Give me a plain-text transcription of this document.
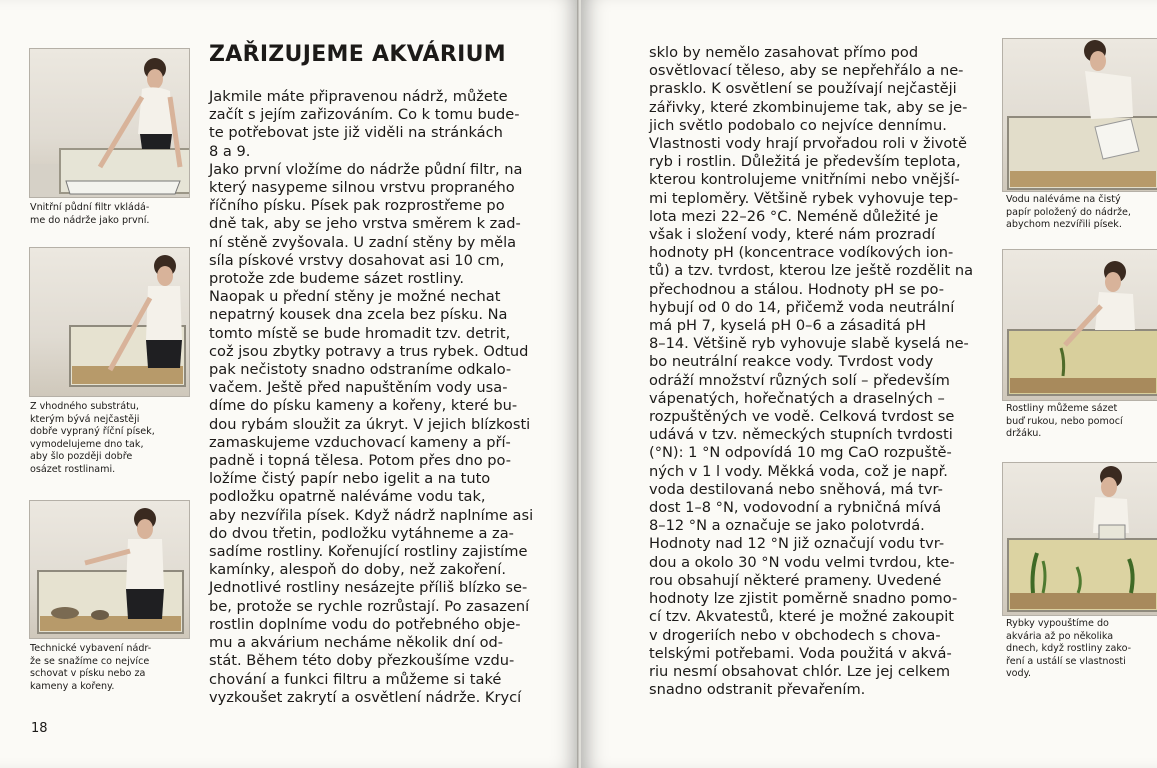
Vnitřní půdní filtr vkládá-
me do nádrže jako první.
Z vhodného substrátu,
kterým bývá nejčastěji
dobře vypraný říční písek,
vymodelujeme dno tak,
aby šlo později dobře
osázet rostlinami.
Technické vybavení nádr-
že se snažíme co nejvíce
schovat v písku nebo za
kameny a kořeny.
ZAŘIZUJEME AKVÁRIUM
Jakmile máte připravenou nádrž, můžete
začít s jejím zařizováním. Co k tomu bude-
te potřebovat jste již viděli na stránkách
8 a 9.
Jako první vložíme do nádrže půdní filtr, na
který nasypeme silnou vrstvu propraného
říčního písku. Písek pak rozprostřeme po
dně tak, aby se jeho vrstva směrem k zad-
ní stěně zvyšovala. U zadní stěny by měla
síla pískové vrstvy dosahovat asi 10 cm,
protože zde budeme sázet rostliny.
Naopak u přední stěny je možné nechat
nepatrný kousek dna zcela bez písku. Na
tomto místě se bude hromadit tzv. detrit,
což jsou zbytky potravy a trus rybek. Odtud
pak nečistoty snadno odstraníme odkalo-
vačem. Ještě před napuštěním vody usa-
díme do písku kameny a kořeny, které bu-
dou rybám sloužit za úkryt. V jejich blízkosti
zamaskujeme vzduchovací kameny a pří-
padně i topná tělesa. Potom přes dno po-
ložíme čistý papír nebo igelit a na tuto
podložku opatrně naléváme vodu tak,
aby nezvířila písek. Když nádrž naplníme asi
do dvou třetin, podložku vytáhneme a za-
sadíme rostliny. Kořenující rostliny zajistíme
kamínky, alespoň do doby, než zakoření.
Jednotlivé rostliny nesázejte příliš blízko se-
be, protože se rychle rozrůstají. Po zasazení
rostlin doplníme vodu do potřebného obje-
mu a akvárium necháme několik dní od-
stát. Během této doby přezkoušíme vzdu-
chování a funkci filtru a můžeme si také
vyzkoušet zakrytí a osvětlení nádrže. Krycí
18
sklo by nemělo zasahovat přímo pod
osvětlovací těleso, aby se nepřehřálo a ne-
prasklo. K osvětlení se používají nejčastěji
zářivky, které zkombinujeme tak, aby se je-
jich světlo podobalo co nejvíce dennímu.
Vlastnosti vody hrají prvořadou roli v životě
ryb i rostlin. Důležitá je především teplota,
kterou kontrolujeme vnitřními nebo vnější-
mi teploměry. Většině rybek vyhovuje tep-
lota mezi 22–26 °C. Neméně důležité je
však i složení vody, které nám prozradí
hodnoty pH (koncentrace vodíkových ion-
tů) a tzv. tvrdost, kterou lze ještě rozdělit na
přechodnou a stálou. Hodnoty pH se po-
hybují od 0 do 14, přičemž voda neutrální
má pH 7, kyselá pH 0–6 a zásaditá pH
8–14. Většině ryb vyhovuje slabě kyselá ne-
bo neutrální reakce vody. Tvrdost vody
odráží množství různých solí – především
vápenatých, hořečnatých a draselných –
rozpuštěných ve vodě. Celková tvrdost se
udává v tzv. německých stupních tvrdosti
(°N): 1 °N odpovídá 10 mg CaO rozpuště-
ných v 1 l vody. Měkká voda, což je např.
voda destilovaná nebo sněhová, má tvr-
dost 1–8 °N, vodovodní a rybničná mívá
8–12 °N a označuje se jako polotvrdá.
Hodnoty nad 12 °N již označují vodu tvr-
dou a okolo 30 °N vodu velmi tvrdou, kte-
rou obsahují některé prameny. Uvedené
hodnoty lze zjistit poměrně snadno pomo-
cí tzv. Akvatestů, které je možné zakoupit
v drogeriích nebo v obchodech s chova-
telskými potřebami. Voda použitá v akvá-
riu nesmí obsahovat chlór. Lze jej celkem
snadno odstranit převařením.
Vodu naléváme na čistý
papír položený do nádrže,
abychom nezvířili písek.
Rostliny můžeme sázet
buď rukou, nebo pomocí
držáku.
Rybky vypouštíme do
akvária až po několika
dnech, když rostliny zako-
ření a ustálí se vlastnosti
vody.
